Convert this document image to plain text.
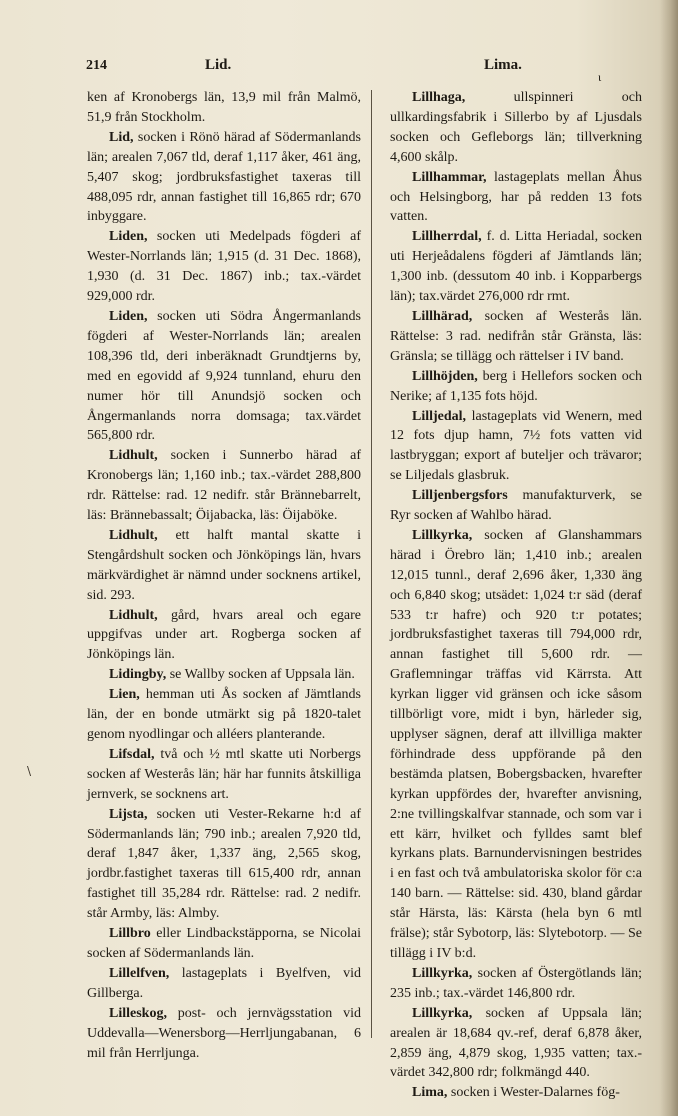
214	Lid.	Lima.
ι

ken af Kronobergs län, 13,9 mil från Malmö, 51,9 från Stockholm.

Lid, socken i Rönö härad af Södermanlands län; arealen 7,067 tld, deraf 1,117 åker, 461 äng, 5,407 skog; jordbruksfastighet taxeras till 488,095 rdr, annan fastighet till 16,865 rdr; 670 inbyggare.

Liden, socken uti Medelpads fögderi af Wester-Norrlands län; 1,915 (d. 31 Dec. 1868), 1,930 (d. 31 Dec. 1867) inb.; tax.-värdet 929,000 rdr.

Liden, socken uti Södra Ångermanlands fögderi af Wester-Norrlands län; arealen 108,396 tld, deri inberäknadt Grundtjerns by, med en egovidd af 9,924 tunnland, ehuru den numer hör till Anundsjö socken och Ångermanlands norra domsaga; tax.värdet 565,800 rdr.

Lidhult, socken i Sunnerbo härad af Kronobergs län; 1,160 inb.; tax.-värdet 288,800 rdr. Rättelse: rad. 12 nedifr. står Brännebarrelt, läs: Brännebassalt; Öijabacka, läs: Öijaböke.

Lidhult, ett halft mantal skatte i Stengårdshult socken och Jönköpings län, hvars märkvärdighet är nämnd under socknens artikel, sid. 293.

Lidhult, gård, hvars areal och egare uppgifvas under art. Rogberga socken af Jönköpings län.

Lidingby, se Wallby socken af Uppsala län.

Lien, hemman uti Ås socken af Jämtlands län, der en bonde utmärkt sig på 1820-talet genom nyodlingar och alléers planterande.

Lifsdal, två och ½ mtl skatte uti Norbergs socken af Westerås län; här har funnits åtskilliga jernverk, se socknens art.

Lijsta, socken uti Vester-Rekarne h:d af Södermanlands län; 790 inb.; arealen 7,920 tld, deraf 1,847 åker, 1,337 äng, 2,565 skog, jordbr.fastighet taxeras till 615,400 rdr, annan fastighet till 35,284 rdr. Rättelse: rad. 2 nedifr. står Armby, läs: Almby.

Lillbro eller Lindbackstäpporna, se Nicolai socken af Södermanlands län.

Lillelfven, lastageplats i Byelfven, vid Gillberga.

Lilleskog, post- och jernvägsstation vid Uddevalla—Wenersborg—Herrljungabanan, 6 mil från Herrljunga.

Lillhaga, ullspinneri och ullkardingsfabrik i Sillerbo by af Ljusdals socken och Gefleborgs län; tillverkning 4,600 skålp.

Lillhammar, lastageplats mellan Åhus och Helsingborg, har på redden 13 fots vatten.

Lillherrdal, f. d. Litta Heriadal, socken uti Herjeådalens fögderi af Jämtlands län; 1,300 inb. (dessutom 40 inb. i Kopparbergs län); tax.värdet 276,000 rdr rmt.

Lillhärad, socken af Westerås län. Rättelse: 3 rad. nedifrån står Gränsta, läs: Gränsla; se tillägg och rättelser i IV band.

Lillhöjden, berg i Hellefors socken och Nerike; af 1,135 fots höjd.

Lilljedal, lastageplats vid Wenern, med 12 fots djup hamn, 7½ fots vatten vid lastbryggan; export af buteljer och trävaror; se Liljedals glasbruk.

Lilljenbergsfors manufakturverk, se Ryr socken af Wahlbo härad.

Lillkyrka, socken af Glanshammars härad i Örebro län; 1,410 inb.; arealen 12,015 tunnl., deraf 2,696 åker, 1,330 äng och 6,840 skog; utsädet: 1,024 t:r säd (deraf 533 t:r hafre) och 920 t:r potates; jordbruksfastighet taxeras till 794,000 rdr, annan fastighet till 5,600 rdr. — Graflemningar träffas vid Kärrsta. Att kyrkan ligger vid gränsen och icke såsom tillbörligt vore, midt i byn, härleder sig, upplyser sägnen, deraf att illvilliga makter förhindrade dess uppförande på den bestämda platsen, Bobergsbacken, hvarefter kyrkan uppfördes der, hvarefter anvisning, 2:ne tvillingskalfvar stannade, och som var i ett kärr, hvilket och fylldes samt blef kyrkans plats. Barnundervisningen bestrides i en fast och två ambulatoriska skolor för c:a 140 barn. — Rättelse: sid. 430, bland gårdar står Härsta, läs: Kärsta (hela byn 6 mtl frälse); står Sybotorp, läs: Slytebotorp. — Se tillägg i IV b:d.

Lillkyrka, socken af Östergötlands län; 235 inb.; tax.-värdet 146,800 rdr.

Lillkyrka, socken af Uppsala län; arealen är 18,684 qv.-ref, deraf 6,878 åker, 2,859 äng, 4,879 skog, 1,935 vatten; tax.-värdet 342,800 rdr; folkmängd 440.

Lima, socken i Wester-Dalarnes fög-

\
